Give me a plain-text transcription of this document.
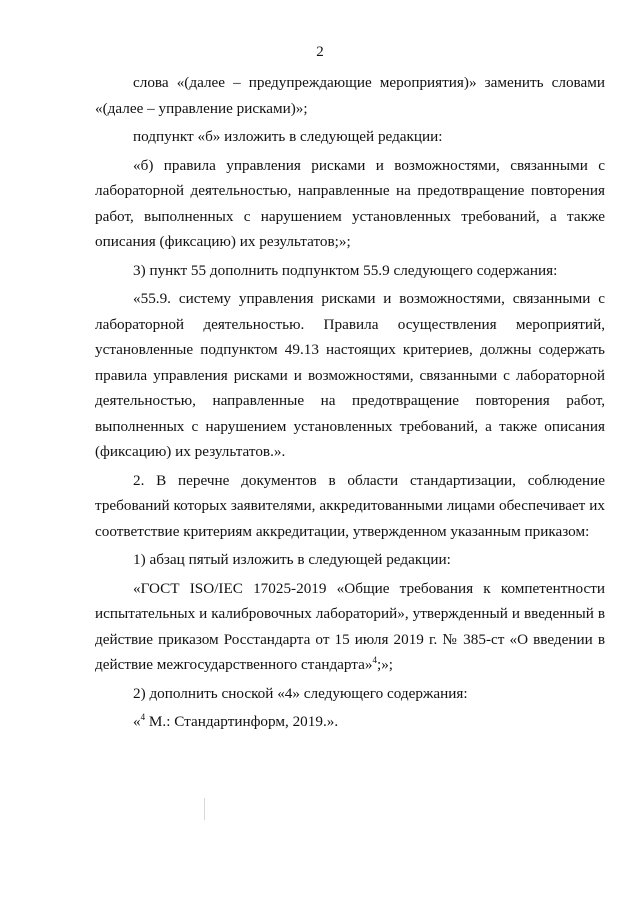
2

слова «(далее – предупреждающие мероприятия)» заменить словами «(далее – управление рисками)»;

подпункт «б» изложить в следующей редакции:

«б) правила управления рисками и возможностями, связанными с лабораторной деятельностью, направленные на предотвращение повторения работ, выполненных с нарушением установленных требований, а также описания (фиксацию) их результатов;»;

3) пункт 55 дополнить подпунктом 55.9 следующего содержания:

«55.9. систему управления рисками и возможностями, связанными с лабораторной деятельностью. Правила осуществления мероприятий, установленные подпунктом 49.13 настоящих критериев, должны содержать правила управления рисками и возможностями, связанными с лабораторной деятельностью, направленные на предотвращение повторения работ, выполненных с нарушением установленных требований, а также описания (фиксацию) их результатов.».

2. В перечне документов в области стандартизации, соблюдение требований которых заявителями, аккредитованными лицами обеспечивает их соответствие критериям аккредитации, утвержденном указанным приказом:

1) абзац пятый изложить в следующей редакции:

«ГОСТ ISO/IEC 17025-2019 «Общие требования к компетентности испытательных и калибровочных лабораторий», утвержденный и введенный в действие приказом Росстандарта от 15 июля 2019 г. № 385-ст «О введении в действие межгосударственного стандарта»$^4$;»;

2) дополнить сноской «4» следующего содержания:

«$^4$ М.: Стандартинформ, 2019.».
